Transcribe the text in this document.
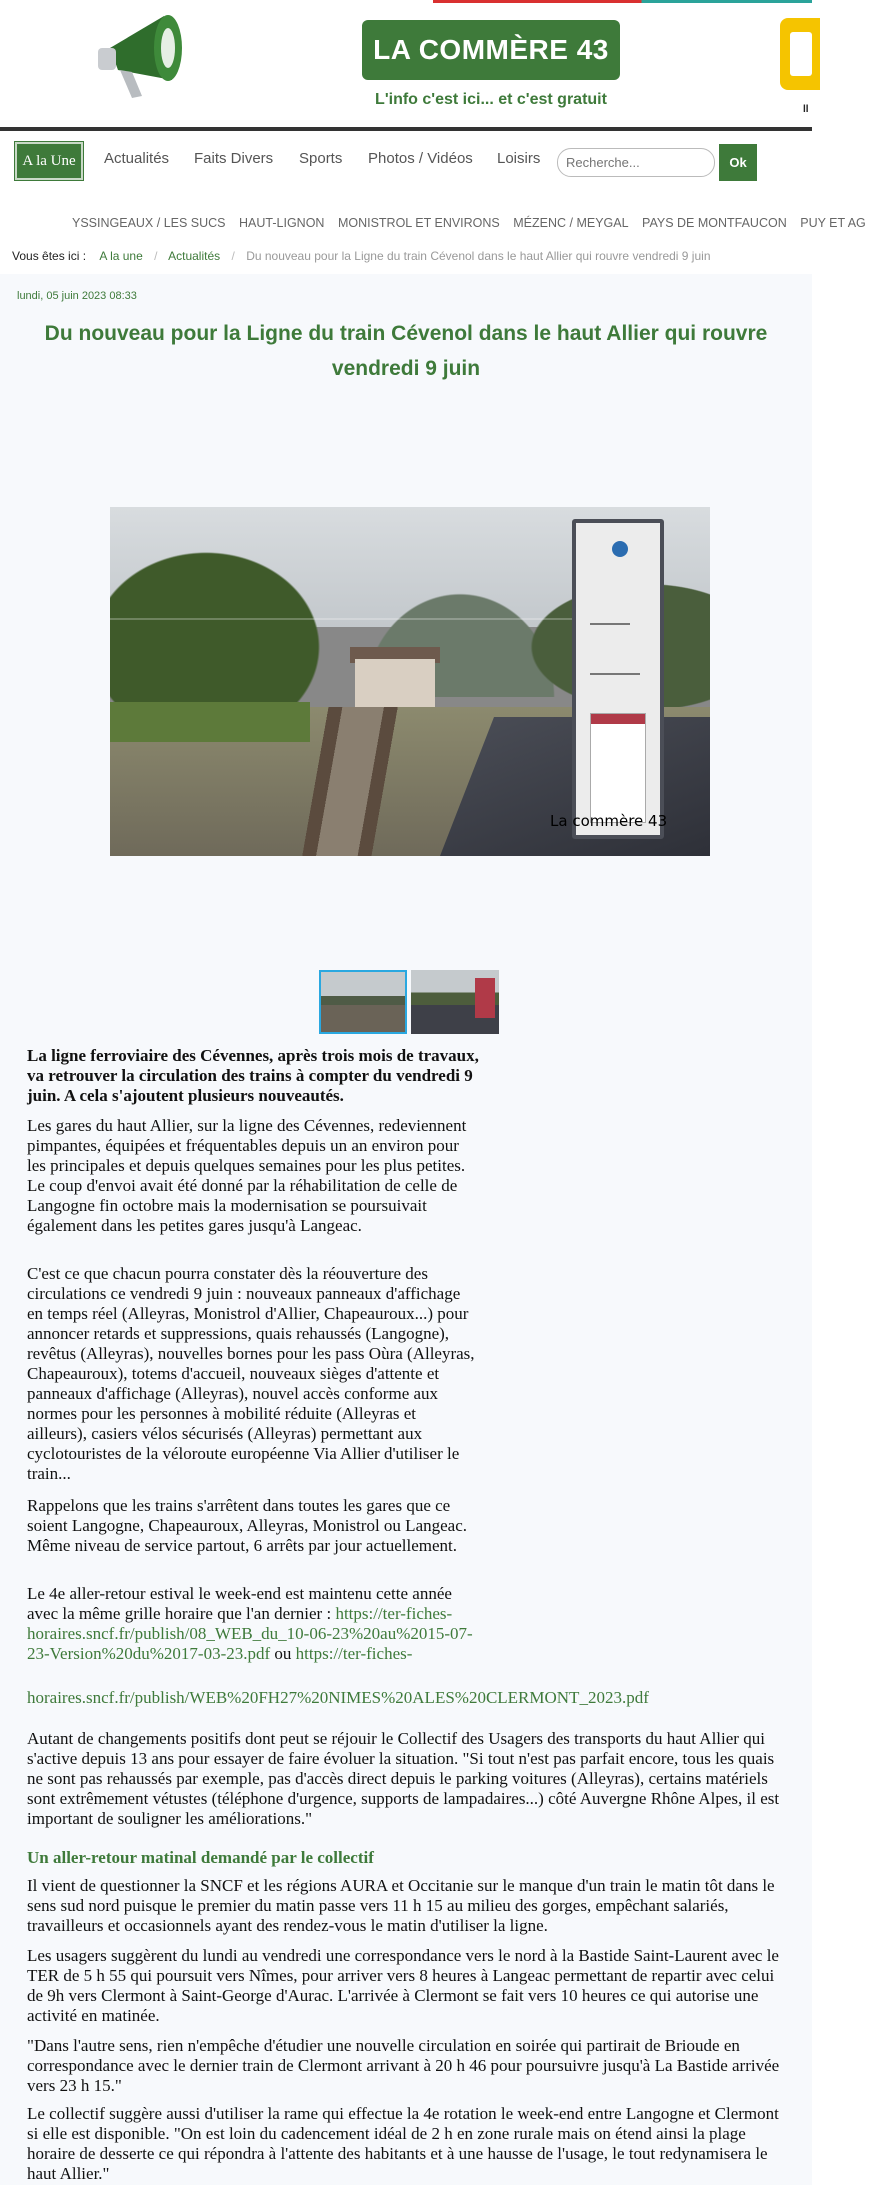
LA COMMÈRE 43
L'info c'est ici... et c'est gratuit
ll
A la Une	Actualités Faits Divers Sports Photos / Vidéos Loisirs
Recherche...	Ok
YSSINGEAUX / LES SUCS HAUT-LIGNON MONISTROL ET ENVIRONS MÉZENC / MEYGAL PAYS DE MONTFAUCON PUY ET AG
Vous êtes ici : A la une / Actualités / Du nouveau pour la Ligne du train Cévenol dans le haut Allier qui rouvre vendredi 9 juin
lundi, 05 juin 2023 08:33
Du nouveau pour la Ligne du train Cévenol dans le haut Allier qui rouvre vendredi 9 juin
La commère 43

La ligne ferroviaire des Cévennes, après trois mois de travaux, va retrouver la circulation des trains à compter du vendredi 9 juin. A cela s'ajoutent plusieurs nouveautés.

Les gares du haut Allier, sur la ligne des Cévennes, redeviennent pimpantes, équipées et fréquentables depuis un an environ pour les principales et depuis quelques semaines pour les plus petites. Le coup d'envoi avait été donné par la réhabilitation de celle de Langogne fin octobre mais la modernisation se poursuivait également dans les petites gares jusqu'à Langeac.

C'est ce que chacun pourra constater dès la réouverture des circulations ce vendredi 9 juin : nouveaux panneaux d'affichage en temps réel (Alleyras, Monistrol d'Allier, Chapeauroux...) pour annoncer retards et suppressions, quais rehaussés (Langogne), revêtus (Alleyras), nouvelles bornes pour les pass Oùra (Alleyras, Chapeauroux), totems d'accueil, nouveaux sièges d'attente et panneaux d'affichage (Alleyras), nouvel accès conforme aux normes pour les personnes à mobilité réduite (Alleyras et ailleurs), casiers vélos sécurisés (Alleyras) permettant aux cyclotouristes de la véloroute européenne Via Allier d'utiliser le train...

Rappelons que les trains s'arrêtent dans toutes les gares que ce soient Langogne, Chapeauroux, Alleyras, Monistrol ou Langeac. Même niveau de service partout, 6 arrêts par jour actuellement.

Le 4e aller-retour estival le week-end est maintenu cette année avec la même grille horaire que l'an dernier : https://ter-fiches-horaires.sncf.fr/publish/08_WEB_du_10-06-23%20au%2015-07-23-Version%20du%2017-03-23.pdf ou https://ter-fiches-

horaires.sncf.fr/publish/WEB%20FH27%20NIMES%20ALES%20CLERMONT_2023.pdf

Autant de changements positifs dont peut se réjouir le Collectif des Usagers des transports du haut Allier qui s'active depuis 13 ans pour essayer de faire évoluer la situation. "Si tout n'est pas parfait encore, tous les quais ne sont pas rehaussés par exemple, pas d'accès direct depuis le parking voitures (Alleyras), certains matériels sont extrêmement vétustes (téléphone d'urgence, supports de lampadaires...) côté Auvergne Rhône Alpes, il est important de souligner les améliorations."

Un aller-retour matinal demandé par le collectif

Il vient de questionner la SNCF et les régions AURA et Occitanie sur le manque d'un train le matin tôt dans le sens sud nord puisque le premier du matin passe vers 11 h 15 au milieu des gorges, empêchant salariés, travailleurs et occasionnels ayant des rendez-vous le matin d'utiliser la ligne.

Les usagers suggèrent du lundi au vendredi une correspondance vers le nord à la Bastide Saint-Laurent avec le TER de 5 h 55 qui poursuit vers Nîmes, pour arriver vers 8 heures à Langeac permettant de repartir avec celui de 9h vers Clermont à Saint-George d'Aurac. L'arrivée à Clermont se fait vers 10 heures ce qui autorise une activité en matinée.

"Dans l'autre sens, rien n'empêche d'étudier une nouvelle circulation en soirée qui partirait de Brioude en correspondance avec le dernier train de Clermont arrivant à 20 h 46 pour poursuivre jusqu'à La Bastide arrivée vers 23 h 15."

Le collectif suggère aussi d'utiliser la rame qui effectue la 4e rotation le week-end entre Langogne et Clermont si elle est disponible. "On est loin du cadencement idéal de 2 h en zone rurale mais on étend ainsi la plage horaire de desserte ce qui répondra à l'attente des habitants et à une hausse de l'usage, le tout redynamisera le haut Allier."
